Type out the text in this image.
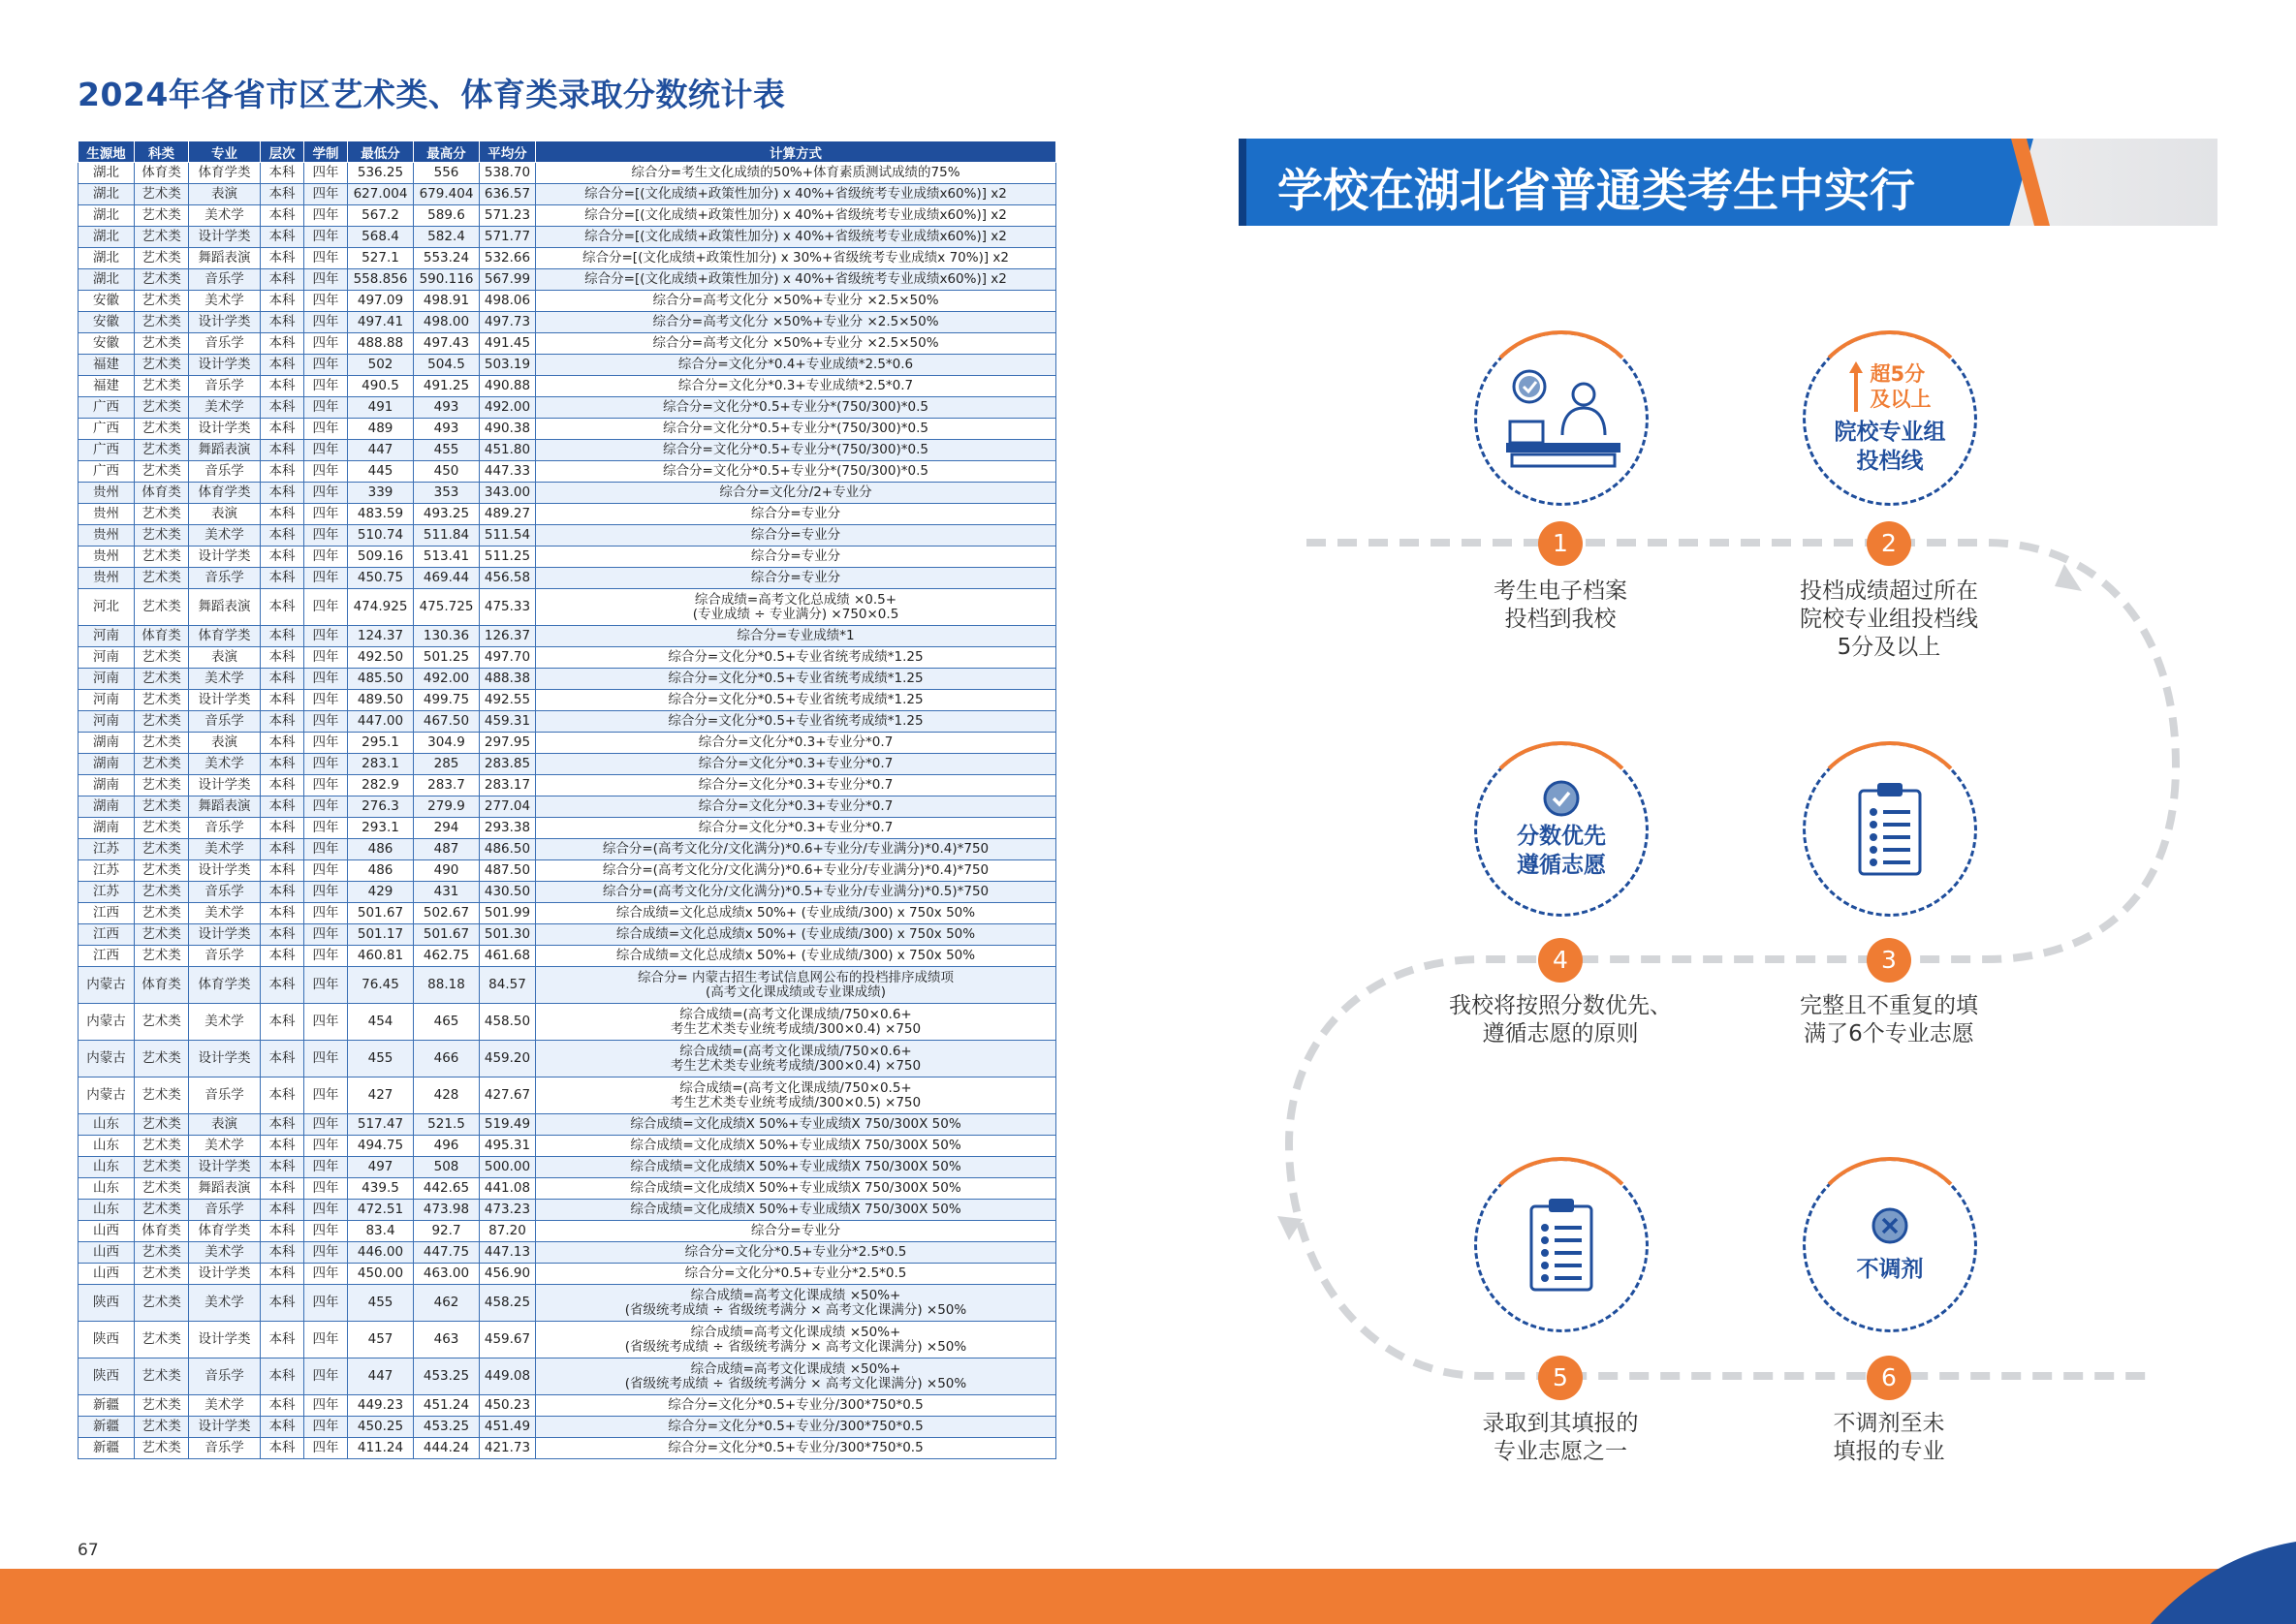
2024年各省市区艺术类、体育类录取分数统计表
生源地	科类	专业	层次	学制	最低分	最高分	平均分	计算方式
湖北	体育类	体育学类	本科	四年	536.25	556	538.70	综合分=考生文化成绩的50%+体育素质测试成绩的75%
湖北	艺术类	表演	本科	四年	627.004	679.404	636.57	综合分=[(文化成绩+政策性加分) x 40%+省级统考专业成绩x60%)] x2
湖北	艺术类	美术学	本科	四年	567.2	589.6	571.23	综合分=[(文化成绩+政策性加分) x 40%+省级统考专业成绩x60%)] x2
湖北	艺术类	设计学类	本科	四年	568.4	582.4	571.77	综合分=[(文化成绩+政策性加分) x 40%+省级统考专业成绩x60%)] x2
湖北	艺术类	舞蹈表演	本科	四年	527.1	553.24	532.66	综合分=[(文化成绩+政策性加分) x 30%+省级统考专业成绩x 70%)] x2
湖北	艺术类	音乐学	本科	四年	558.856	590.116	567.99	综合分=[(文化成绩+政策性加分) x 40%+省级统考专业成绩x60%)] x2
安徽	艺术类	美术学	本科	四年	497.09	498.91	498.06	综合分=高考文化分 ×50%+专业分 ×2.5×50%
安徽	艺术类	设计学类	本科	四年	497.41	498.00	497.73	综合分=高考文化分 ×50%+专业分 ×2.5×50%
安徽	艺术类	音乐学	本科	四年	488.88	497.43	491.45	综合分=高考文化分 ×50%+专业分 ×2.5×50%
福建	艺术类	设计学类	本科	四年	502	504.5	503.19	综合分=文化分*0.4+专业成绩*2.5*0.6
福建	艺术类	音乐学	本科	四年	490.5	491.25	490.88	综合分=文化分*0.3+专业成绩*2.5*0.7
广西	艺术类	美术学	本科	四年	491	493	492.00	综合分=文化分*0.5+专业分*(750/300)*0.5
广西	艺术类	设计学类	本科	四年	489	493	490.38	综合分=文化分*0.5+专业分*(750/300)*0.5
广西	艺术类	舞蹈表演	本科	四年	447	455	451.80	综合分=文化分*0.5+专业分*(750/300)*0.5
广西	艺术类	音乐学	本科	四年	445	450	447.33	综合分=文化分*0.5+专业分*(750/300)*0.5
贵州	体育类	体育学类	本科	四年	339	353	343.00	综合分=文化分/2+专业分
贵州	艺术类	表演	本科	四年	483.59	493.25	489.27	综合分=专业分
贵州	艺术类	美术学	本科	四年	510.74	511.84	511.54	综合分=专业分
贵州	艺术类	设计学类	本科	四年	509.16	513.41	511.25	综合分=专业分
贵州	艺术类	音乐学	本科	四年	450.75	469.44	456.58	综合分=专业分
河北	艺术类	舞蹈表演	本科	四年	474.925	475.725	475.33	综合成绩=高考文化总成绩 ×0.5+
(专业成绩 ÷ 专业满分) ×750×0.5
河南	体育类	体育学类	本科	四年	124.37	130.36	126.37	综合分=专业成绩*1
河南	艺术类	表演	本科	四年	492.50	501.25	497.70	综合分=文化分*0.5+专业省统考成绩*1.25
河南	艺术类	美术学	本科	四年	485.50	492.00	488.38	综合分=文化分*0.5+专业省统考成绩*1.25
河南	艺术类	设计学类	本科	四年	489.50	499.75	492.55	综合分=文化分*0.5+专业省统考成绩*1.25
河南	艺术类	音乐学	本科	四年	447.00	467.50	459.31	综合分=文化分*0.5+专业省统考成绩*1.25
湖南	艺术类	表演	本科	四年	295.1	304.9	297.95	综合分=文化分*0.3+专业分*0.7
湖南	艺术类	美术学	本科	四年	283.1	285	283.85	综合分=文化分*0.3+专业分*0.7
湖南	艺术类	设计学类	本科	四年	282.9	283.7	283.17	综合分=文化分*0.3+专业分*0.7
湖南	艺术类	舞蹈表演	本科	四年	276.3	279.9	277.04	综合分=文化分*0.3+专业分*0.7
湖南	艺术类	音乐学	本科	四年	293.1	294	293.38	综合分=文化分*0.3+专业分*0.7
江苏	艺术类	美术学	本科	四年	486	487	486.50	综合分=(高考文化分/文化满分)*0.6+专业分/专业满分)*0.4)*750
江苏	艺术类	设计学类	本科	四年	486	490	487.50	综合分=(高考文化分/文化满分)*0.6+专业分/专业满分)*0.4)*750
江苏	艺术类	音乐学	本科	四年	429	431	430.50	综合分=(高考文化分/文化满分)*0.5+专业分/专业满分)*0.5)*750
江西	艺术类	美术学	本科	四年	501.67	502.67	501.99	综合成绩=文化总成绩x 50%+ (专业成绩/300) x 750x 50%
江西	艺术类	设计学类	本科	四年	501.17	501.67	501.30	综合成绩=文化总成绩x 50%+ (专业成绩/300) x 750x 50%
江西	艺术类	音乐学	本科	四年	460.81	462.75	461.68	综合成绩=文化总成绩x 50%+ (专业成绩/300) x 750x 50%
内蒙古	体育类	体育学类	本科	四年	76.45	88.18	84.57	综合分= 内蒙古招生考试信息网公布的投档排序成绩项
(高考文化课成绩或专业课成绩)
内蒙古	艺术类	美术学	本科	四年	454	465	458.50	综合成绩=(高考文化课成绩/750×0.6+
考生艺术类专业统考成绩/300×0.4) ×750
内蒙古	艺术类	设计学类	本科	四年	455	466	459.20	综合成绩=(高考文化课成绩/750×0.6+
考生艺术类专业统考成绩/300×0.4) ×750
内蒙古	艺术类	音乐学	本科	四年	427	428	427.67	综合成绩=(高考文化课成绩/750×0.5+
考生艺术类专业统考成绩/300×0.5) ×750
山东	艺术类	表演	本科	四年	517.47	521.5	519.49	综合成绩=文化成绩X 50%+专业成绩X 750/300X 50%
山东	艺术类	美术学	本科	四年	494.75	496	495.31	综合成绩=文化成绩X 50%+专业成绩X 750/300X 50%
山东	艺术类	设计学类	本科	四年	497	508	500.00	综合成绩=文化成绩X 50%+专业成绩X 750/300X 50%
山东	艺术类	舞蹈表演	本科	四年	439.5	442.65	441.08	综合成绩=文化成绩X 50%+专业成绩X 750/300X 50%
山东	艺术类	音乐学	本科	四年	472.51	473.98	473.23	综合成绩=文化成绩X 50%+专业成绩X 750/300X 50%
山西	体育类	体育学类	本科	四年	83.4	92.7	87.20	综合分=专业分
山西	艺术类	美术学	本科	四年	446.00	447.75	447.13	综合分=文化分*0.5+专业分*2.5*0.5
山西	艺术类	设计学类	本科	四年	450.00	463.00	456.90	综合分=文化分*0.5+专业分*2.5*0.5
陕西	艺术类	美术学	本科	四年	455	462	458.25	综合成绩=高考文化课成绩 ×50%+
(省级统考成绩 ÷ 省级统考满分 × 高考文化课满分) ×50%
陕西	艺术类	设计学类	本科	四年	457	463	459.67	综合成绩=高考文化课成绩 ×50%+
(省级统考成绩 ÷ 省级统考满分 × 高考文化课满分) ×50%
陕西	艺术类	音乐学	本科	四年	447	453.25	449.08	综合成绩=高考文化课成绩 ×50%+
(省级统考成绩 ÷ 省级统考满分 × 高考文化课满分) ×50%
新疆	艺术类	美术学	本科	四年	449.23	451.24	450.23	综合分=文化分*0.5+专业分/300*750*0.5
新疆	艺术类	设计学类	本科	四年	450.25	453.25	451.49	综合分=文化分*0.5+专业分/300*750*0.5
新疆	艺术类	音乐学	本科	四年	411.24	444.24	421.73	综合分=文化分*0.5+专业分/300*750*0.5
67
学校在湖北省普通类考生中实行
1
考生电子档案
投档到我校
超5分
及以上
院校专业组
投档线
2
投档成绩超过所在
院校专业组投档线
5分及以上
分数优先
遵循志愿
4
我校将按照分数优先、
遵循志愿的原则
3
完整且不重复的填
满了6个专业志愿
5
录取到其填报的
专业志愿之一
不调剂
6
不调剂至未
填报的专业
